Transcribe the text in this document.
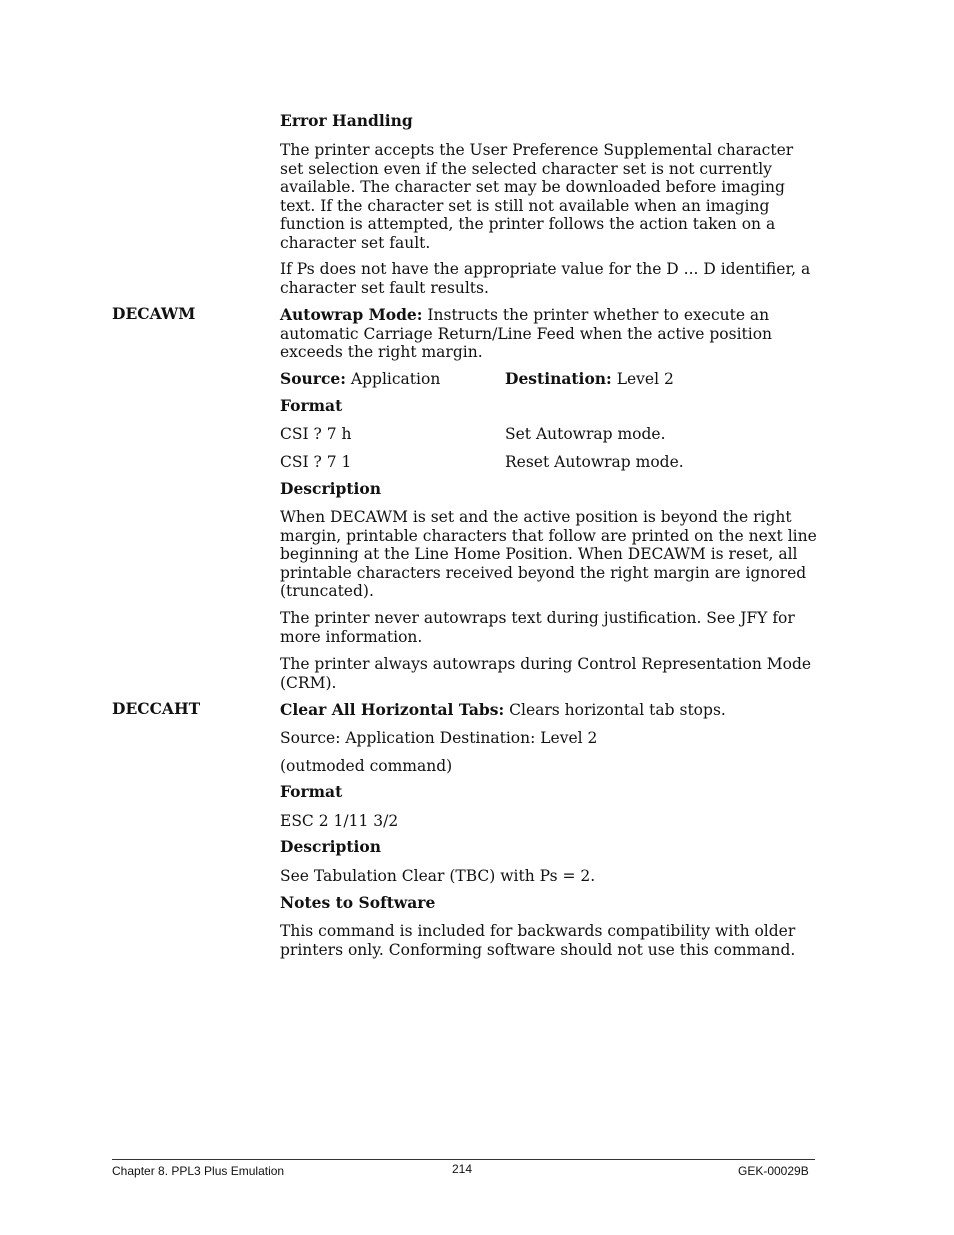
Error Handling

The printer accepts the User Preference Supplemental character set selection even if the selected character set is not currently available. The character set may be downloaded before imaging text. If the character set is still not available when an imaging function is attempted, the printer follows the action taken on a character set fault.

If Ps does not have the appropriate value for the D ... D identifier, a character set fault results.

DECAWM	Autowrap Mode: Instructs the printer whether to execute an automatic Carriage Return/Line Feed when the active position exceeds the right margin.

Source: Application	Destination: Level 2
Format
CSI ? 7 h	Set Autowrap mode.
CSI ? 7 1	Reset Autowrap mode.
Description

When DECAWM is set and the active position is beyond the right margin, printable characters that follow are printed on the next line beginning at the Line Home Position. When DECAWM is reset, all printable characters received beyond the right margin are ignored (truncated).

The printer never autowraps text during justification. See JFY for more information.

The printer always autowraps during Control Representation Mode (CRM).

DECCAHT	Clear All Horizontal Tabs: Clears horizontal tab stops.

Source: Application Destination: Level 2
(outmoded command)
Format
ESC 2 1/11 3/2
Description
See Tabulation Clear (TBC) with Ps = 2.
Notes to Software

This command is included for backwards compatibility with older printers only. Conforming software should not use this command.

Chapter 8. PPL3 Plus Emulation	214	GEK-00029B
